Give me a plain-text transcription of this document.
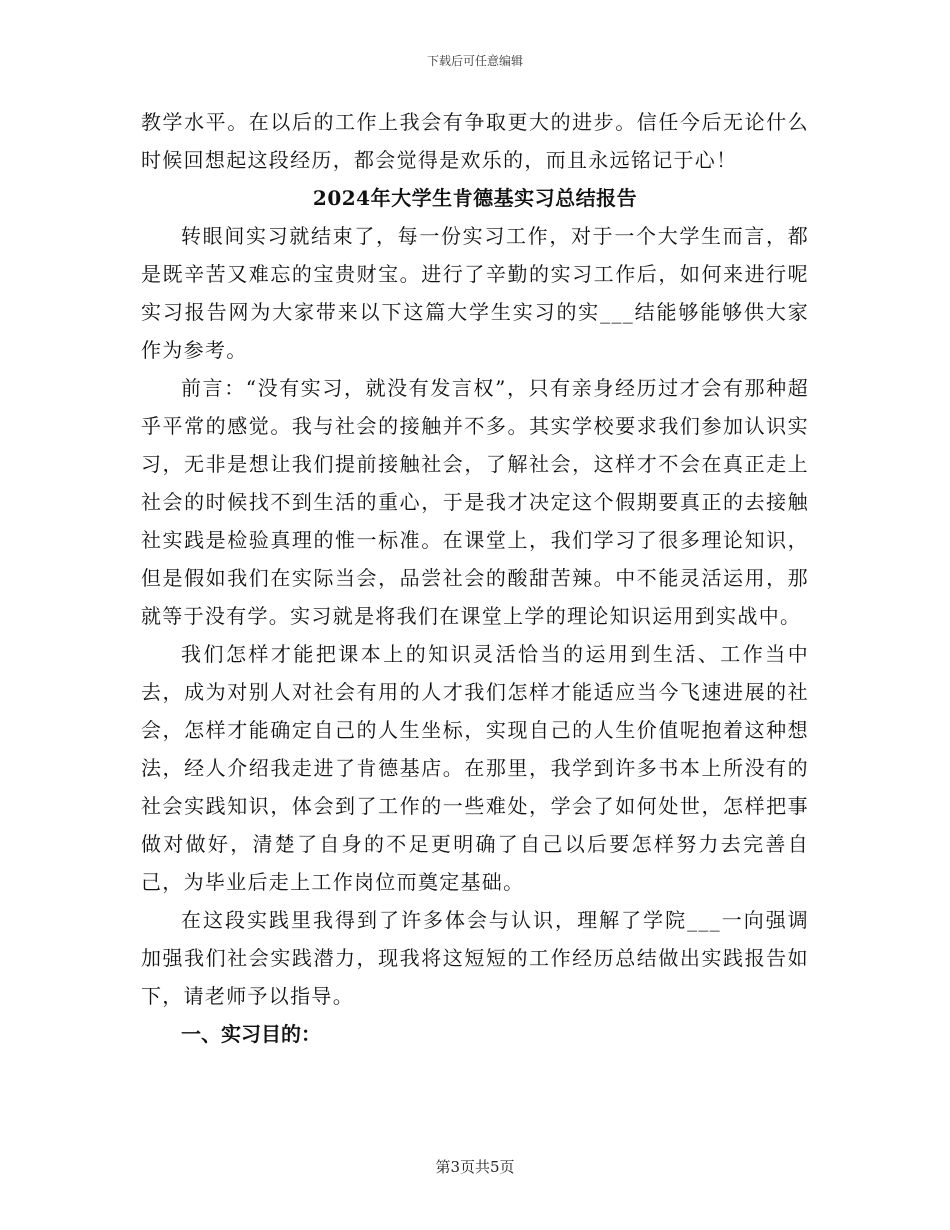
下载后可任意编辑

教学水平。在以后的工作上我会有争取更大的进步。信任今后无论什么时候回想起这段经历，都会觉得是欢乐的，而且永远铭记于心！

2024年大学生肯德基实习总结报告

转眼间实习就结束了，每一份实习工作，对于一个大学生而言，都是既辛苦又难忘的宝贵财宝。进行了辛勤的实习工作后，如何来进行呢实习报告网为大家带来以下这篇大学生实习的实___结能够能够供大家作为参考。

前言：“没有实习，就没有发言权”，只有亲身经历过才会有那种超乎平常的感觉。我与社会的接触并不多。其实学校要求我们参加认识实习，无非是想让我们提前接触社会，了解社会，这样才不会在真正走上社会的时候找不到生活的重心，于是我才决定这个假期要真正的去接触社实践是检验真理的惟一标准。在课堂上，我们学习了很多理论知识，但是假如我们在实际当会，品尝社会的酸甜苦辣。中不能灵活运用，那就等于没有学。实习就是将我们在课堂上学的理论知识运用到实战中。

我们怎样才能把课本上的知识灵活恰当的运用到生活、工作当中去，成为对别人对社会有用的人才我们怎样才能适应当今飞速进展的社会，怎样才能确定自己的人生坐标，实现自己的人生价值呢抱着这种想法，经人介绍我走进了肯德基店。在那里，我学到许多书本上所没有的社会实践知识，体会到了工作的一些难处，学会了如何处世，怎样把事做对做好，清楚了自身的不足更明确了自己以后要怎样努力去完善自己，为毕业后走上工作岗位而奠定基础。

在这段实践里我得到了许多体会与认识，理解了学院___一向强调加强我们社会实践潜力，现我将这短短的工作经历总结做出实践报告如下，请老师予以指导。

一、实习目的：
第3页共5页
